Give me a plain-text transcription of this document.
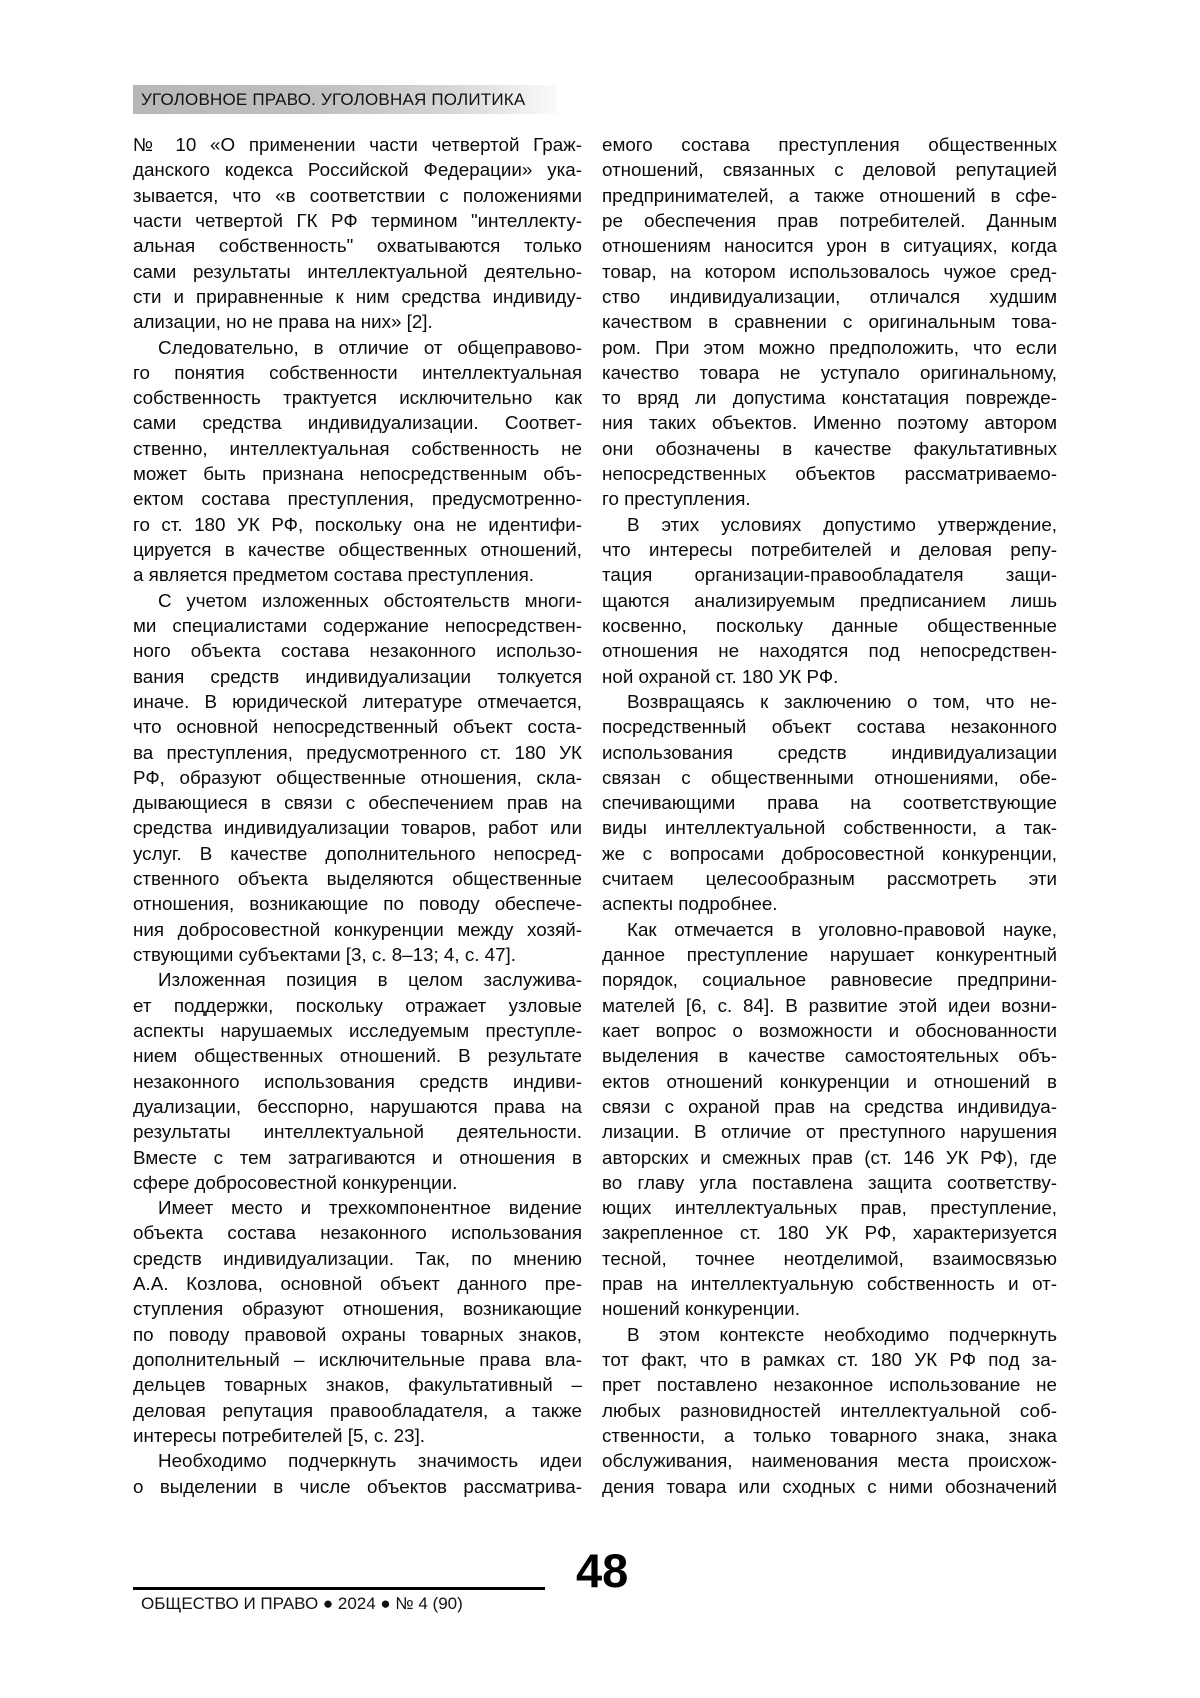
УГОЛОВНОЕ ПРАВО. УГОЛОВНАЯ ПОЛИТИКА
№ 10 «О применении части четвертой Граж-
данского кодекса Российской Федерации» ука-
зывается, что «в соответствии с положениями
части четвертой ГК РФ термином "интеллекту-
альная собственность" охватываются только
сами результаты интеллектуальной деятельно-
сти и приравненные к ним средства индивиду-
ализации, но не права на них» [2].
Следовательно, в отличие от общеправово-
го понятия собственности интеллектуальная
собственность трактуется исключительно как
сами средства индивидуализации. Соответ-
ственно, интеллектуальная собственность не
может быть признана непосредственным объ-
ектом состава преступления, предусмотренно-
го ст. 180 УК РФ, поскольку она не идентифи-
цируется в качестве общественных отношений,
а является предметом состава преступления.
С учетом изложенных обстоятельств многи-
ми специалистами содержание непосредствен-
ного объекта состава незаконного использо-
вания средств индивидуализации толкуется
иначе. В юридической литературе отмечается,
что основной непосредственный объект соста-
ва преступления, предусмотренного ст. 180 УК
РФ, образуют общественные отношения, скла-
дывающиеся в связи с обеспечением прав на
средства индивидуализации товаров, работ или
услуг. В качестве дополнительного непосред-
ственного объекта выделяются общественные
отношения, возникающие по поводу обеспече-
ния добросовестной конкуренции между хозяй-
ствующими субъектами [3, с. 8–13; 4, с. 47].
Изложенная позиция в целом заслужива-
ет поддержки, поскольку отражает узловые
аспекты нарушаемых исследуемым преступле-
нием общественных отношений. В результате
незаконного использования средств индиви-
дуализации, бесспорно, нарушаются права на
результаты интеллектуальной деятельности.
Вместе с тем затрагиваются и отношения в
сфере добросовестной конкуренции.
Имеет место и трехкомпонентное видение
объекта состава незаконного использования
средств индивидуализации. Так, по мнению
А.А. Козлова, основной объект данного пре-
ступления образуют отношения, возникающие
по поводу правовой охраны товарных знаков,
дополнительный – исключительные права вла-
дельцев товарных знаков, факультативный –
деловая репутация правообладателя, а также
интересы потребителей [5, с. 23].
Необходимо подчеркнуть значимость идеи
о выделении в числе объектов рассматрива-
емого состава преступления общественных
отношений, связанных с деловой репутацией
предпринимателей, а также отношений в сфе-
ре обеспечения прав потребителей. Данным
отношениям наносится урон в ситуациях, когда
товар, на котором использовалось чужое сред-
ство индивидуализации, отличался худшим
качеством в сравнении с оригинальным това-
ром. При этом можно предположить, что если
качество товара не уступало оригинальному,
то вряд ли допустима констатация поврежде-
ния таких объектов. Именно поэтому автором
они обозначены в качестве факультативных
непосредственных объектов рассматриваемо-
го преступления.
В этих условиях допустимо утверждение,
что интересы потребителей и деловая репу-
тация организации-правообладателя защи-
щаются анализируемым предписанием лишь
косвенно, поскольку данные общественные
отношения не находятся под непосредствен-
ной охраной ст. 180 УК РФ.
Возвращаясь к заключению о том, что не-
посредственный объект состава незаконного
использования средств индивидуализации
связан с общественными отношениями, обе-
спечивающими права на соответствующие
виды интеллектуальной собственности, а так-
же с вопросами добросовестной конкуренции,
считаем целесообразным рассмотреть эти
аспекты подробнее.
Как отмечается в уголовно-правовой науке,
данное преступление нарушает конкурентный
порядок, социальное равновесие предприни-
мателей [6, с. 84]. В развитие этой идеи возни-
кает вопрос о возможности и обоснованности
выделения в качестве самостоятельных объ-
ектов отношений конкуренции и отношений в
связи с охраной прав на средства индивидуа-
лизации. В отличие от преступного нарушения
авторских и смежных прав (ст. 146 УК РФ), где
во главу угла поставлена защита соответству-
ющих интеллектуальных прав, преступление,
закрепленное ст. 180 УК РФ, характеризуется
тесной, точнее неотделимой, взаимосвязью
прав на интеллектуальную собственность и от-
ношений конкуренции.
В этом контексте необходимо подчеркнуть
тот факт, что в рамках ст. 180 УК РФ под за-
прет поставлено незаконное использование не
любых разновидностей интеллектуальной соб-
ственности, а только товарного знака, знака
обслуживания, наименования места происхож-
дения товара или сходных с ними обозначений
48
ОБЩЕСТВО И ПРАВО ● 2024 ● № 4 (90)
